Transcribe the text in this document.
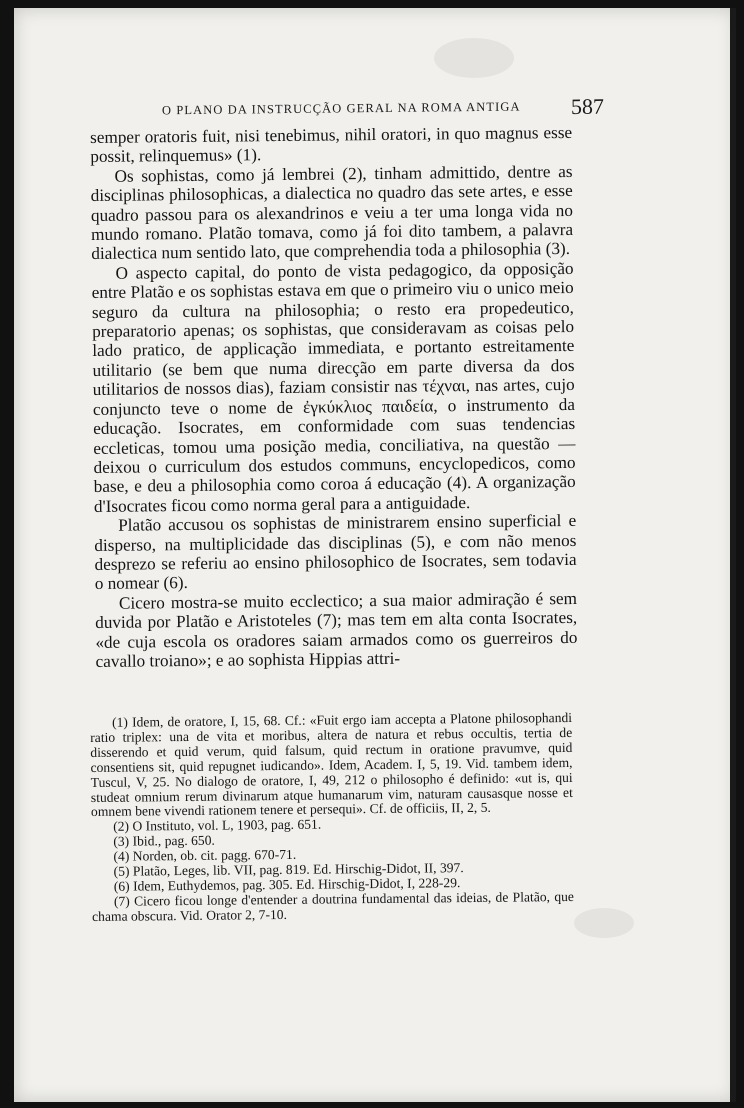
O PLANO DA INSTRUCÇÃO GERAL NA ROMA ANTIGA 587

semper oratoris fuit, nisi tenebimus, nihil oratori, in quo magnus esse possit, relinquemus» (1).

Os sophistas, como já lembrei (2), tinham admittido, dentre as disciplinas philosophicas, a dialectica no quadro das sete artes, e esse quadro passou para os alexandrinos e veiu a ter uma longa vida no mundo romano. Platão tomava, como já foi dito tambem, a palavra dialectica num sentido lato, que comprehendia toda a philosophia (3).

O aspecto capital, do ponto de vista pedagogico, da opposição entre Platão e os sophistas estava em que o primeiro viu o unico meio seguro da cultura na philosophia; o resto era propedeutico, preparatorio apenas; os sophistas, que consideravam as coisas pelo lado pratico, de applicação immediata, e portanto estreitamente utilitario (se bem que numa direcção em parte diversa da dos utilitarios de nossos dias), faziam consistir nas τέχναι, nas artes, cujo conjuncto teve o nome de ἐγκύκλιος παιδεία, o instrumento da educação. Isocrates, em conformidade com suas tendencias eccleticas, tomou uma posição media, conciliativa, na questão — deixou o curriculum dos estudos communs, encyclopedicos, como base, e deu a philosophia como coroa á educação (4). A organização d'Isocrates ficou como norma geral para a antiguidade.

Platão accusou os sophistas de ministrarem ensino superficial e disperso, na multiplicidade das disciplinas (5), e com não menos desprezo se referiu ao ensino philosophico de Isocrates, sem todavia o nomear (6).

Cicero mostra-se muito ecclectico; a sua maior admiração é sem duvida por Platão e Aristoteles (7); mas tem em alta conta Isocrates, «de cuja escola os oradores saiam armados como os guerreiros do cavallo troiano»; e ao sophista Hippias attri-

(1) Idem, de oratore, I, 15, 68. Cf.: «Fuit ergo iam accepta a Platone philosophandi ratio triplex: una de vita et moribus, altera de natura et rebus occultis, tertia de disserendo et quid verum, quid falsum, quid rectum in oratione pravumve, quid consentiens sit, quid repugnet iudicando». Idem, Academ. I, 5, 19. Vid. tambem idem, Tuscul, V, 25. No dialogo de oratore, I, 49, 212 o philosopho é definido: «ut is, qui studeat omnium rerum divinarum atque humanarum vim, naturam causasque nosse et omnem bene vivendi rationem tenere et persequi». Cf. de officiis, II, 2, 5.

(2) O Instituto, vol. L, 1903, pag. 651.

(3) Ibid., pag. 650.

(4) Norden, ob. cit. pagg. 670-71.

(5) Platão, Leges, lib. VII, pag. 819. Ed. Hirschig-Didot, II, 397.

(6) Idem, Euthydemos, pag. 305. Ed. Hirschig-Didot, I, 228-29.

(7) Cicero ficou longe d'entender a doutrina fundamental das ideias, de Platão, que chama obscura. Vid. Orator 2, 7-10.
